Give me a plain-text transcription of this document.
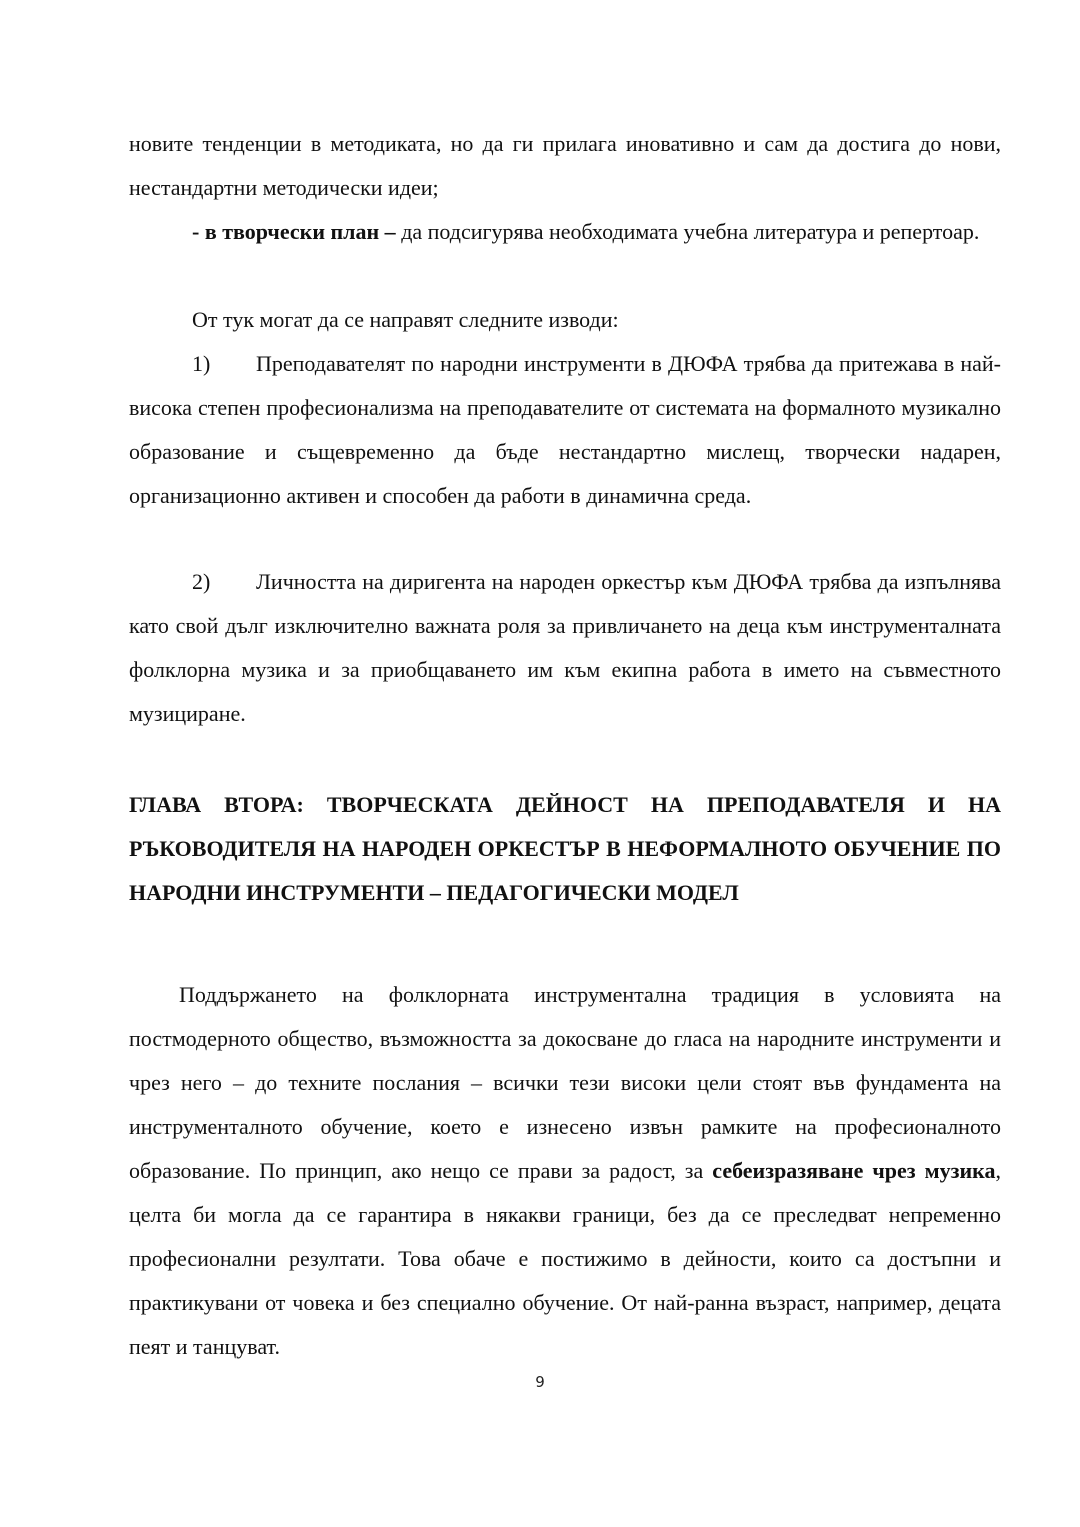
новите тенденции в методиката, но да ги прилага иновативно и сам да достига до нови, нестандартни методически идеи;
- в творчески план – да подсигурява необходимата учебна литература и репертоар.
От тук могат да се направят следните изводи:
1)	Преподавателят по народни инструменти в ДЮФА трябва да притежава в най-висока степен професионализма на преподавателите от системата на формалното музикално образование и същевременно да бъде нестандартно мислещ, творчески надарен, организационно активен и способен да работи в динамична среда.
2)	Личността на диригента на народен оркестър към ДЮФА трябва да изпълнява като свой дълг изключително важната роля за привличането на деца към инструменталната фолклорна музика и за приобщаването им към екипна работа в името на съвместното музициране.
ГЛАВА ВТОРА: ТВОРЧЕСКАТА ДЕЙНОСТ НА ПРЕПОДАВАТЕЛЯ И НА РЪКОВОДИТЕЛЯ НА НАРОДЕН ОРКЕСТЪР В НЕФОРМАЛНОТО ОБУЧЕНИЕ ПО НАРОДНИ ИНСТРУМЕНТИ – ПЕДАГОГИЧЕСКИ МОДЕЛ
Поддържането на фолклорната инструментална традиция в условията на постмодерното общество, възможността за докосване до гласа на народните инструменти и чрез него – до техните послания – всички тези високи цели стоят във фундамента на инструменталното обучение, което е изнесено извън рамките на професионалното образование. По принцип, ако нещо се прави за радост, за себеизразяване чрез музика, целта би могла да се гарантира в някакви граници, без да се преследват непременно професионални резултати. Това обаче е постижимо в дейности, които са достъпни и практикувани от човека и без специално обучение. От най-ранна възраст, например, децата пеят и танцуват.
9
